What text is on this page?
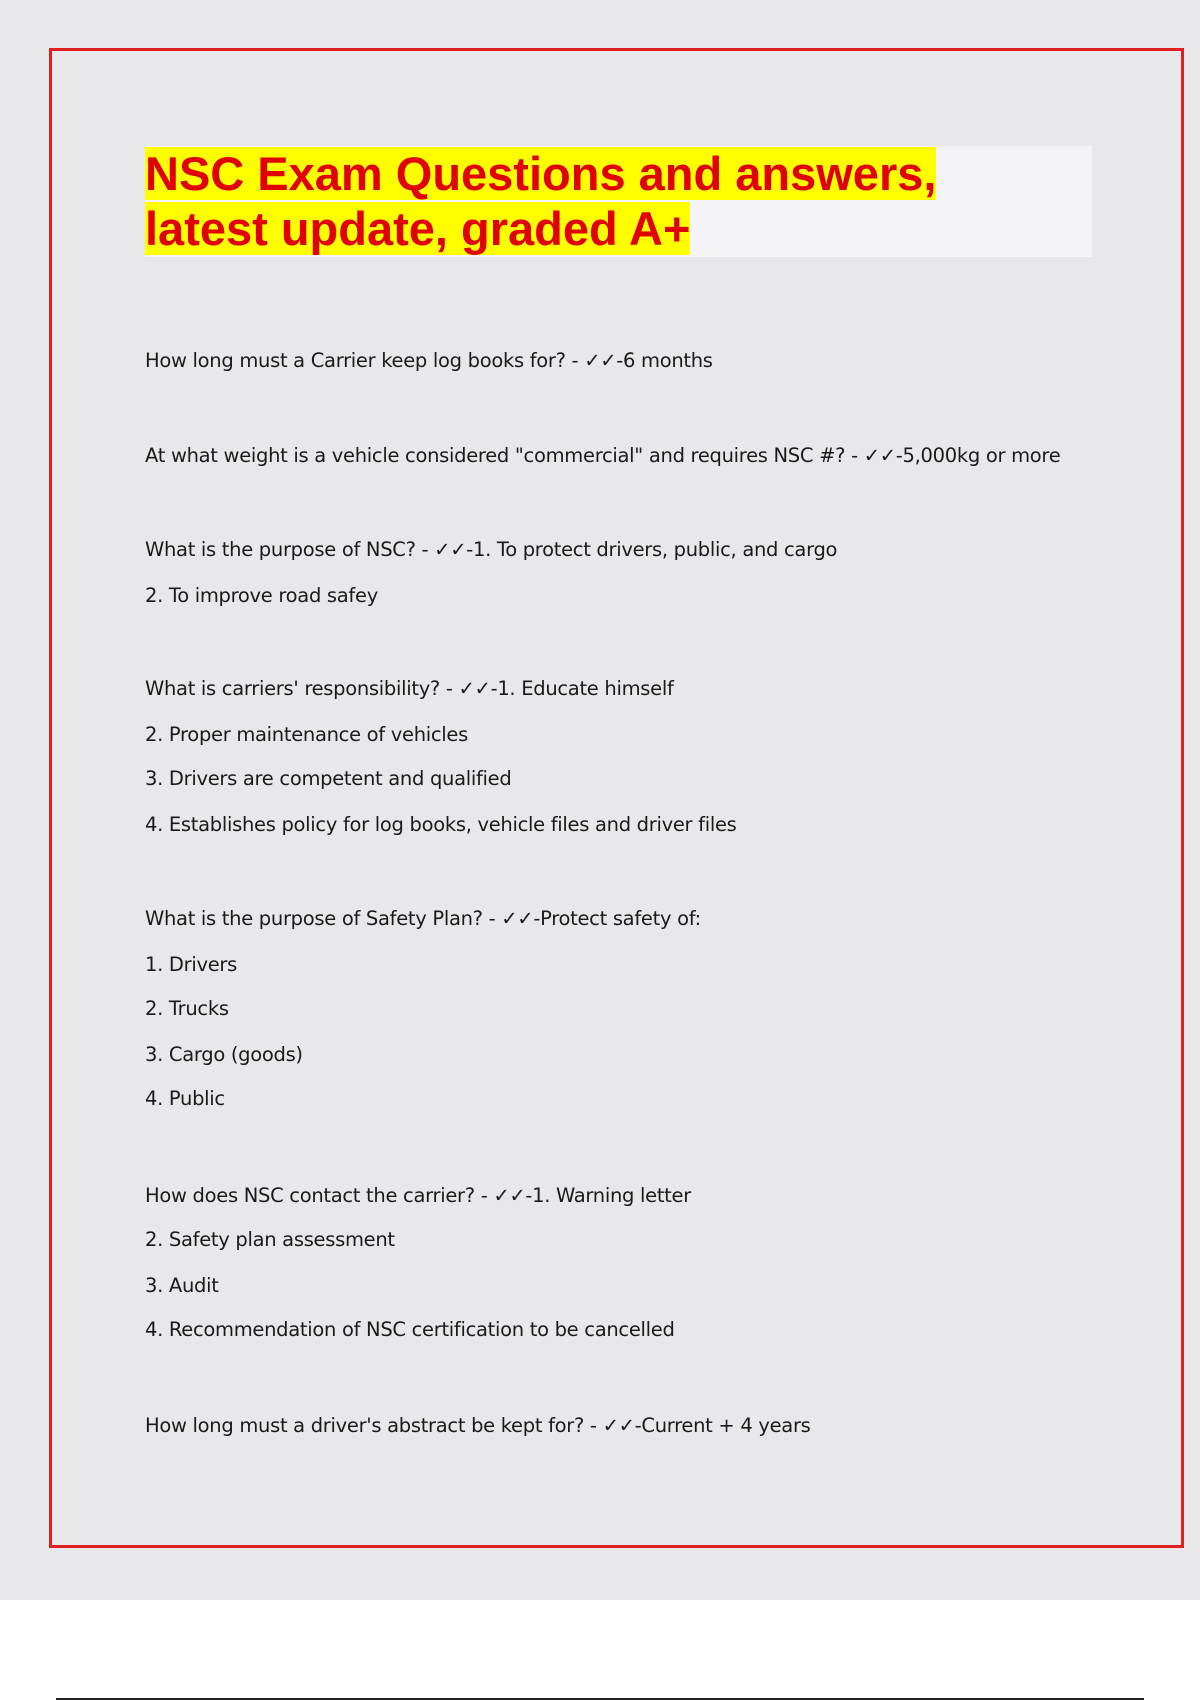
NSC Exam Questions and answers,
latest update, graded A+
How long must a Carrier keep log books for? - ✓✓-6 months
At what weight is a vehicle considered "commercial" and requires NSC #? - ✓✓-5,000kg or more
What is the purpose of NSC? - ✓✓-1. To protect drivers, public, and cargo
2. To improve road safey
What is carriers' responsibility? - ✓✓-1. Educate himself
2. Proper maintenance of vehicles
3. Drivers are competent and qualified
4. Establishes policy for log books, vehicle files and driver files
What is the purpose of Safety Plan? - ✓✓-Protect safety of:
1. Drivers
2. Trucks
3. Cargo (goods)
4. Public
How does NSC contact the carrier? - ✓✓-1. Warning letter
2. Safety plan assessment
3. Audit
4. Recommendation of NSC certification to be cancelled
How long must a driver's abstract be kept for? - ✓✓-Current + 4 years
